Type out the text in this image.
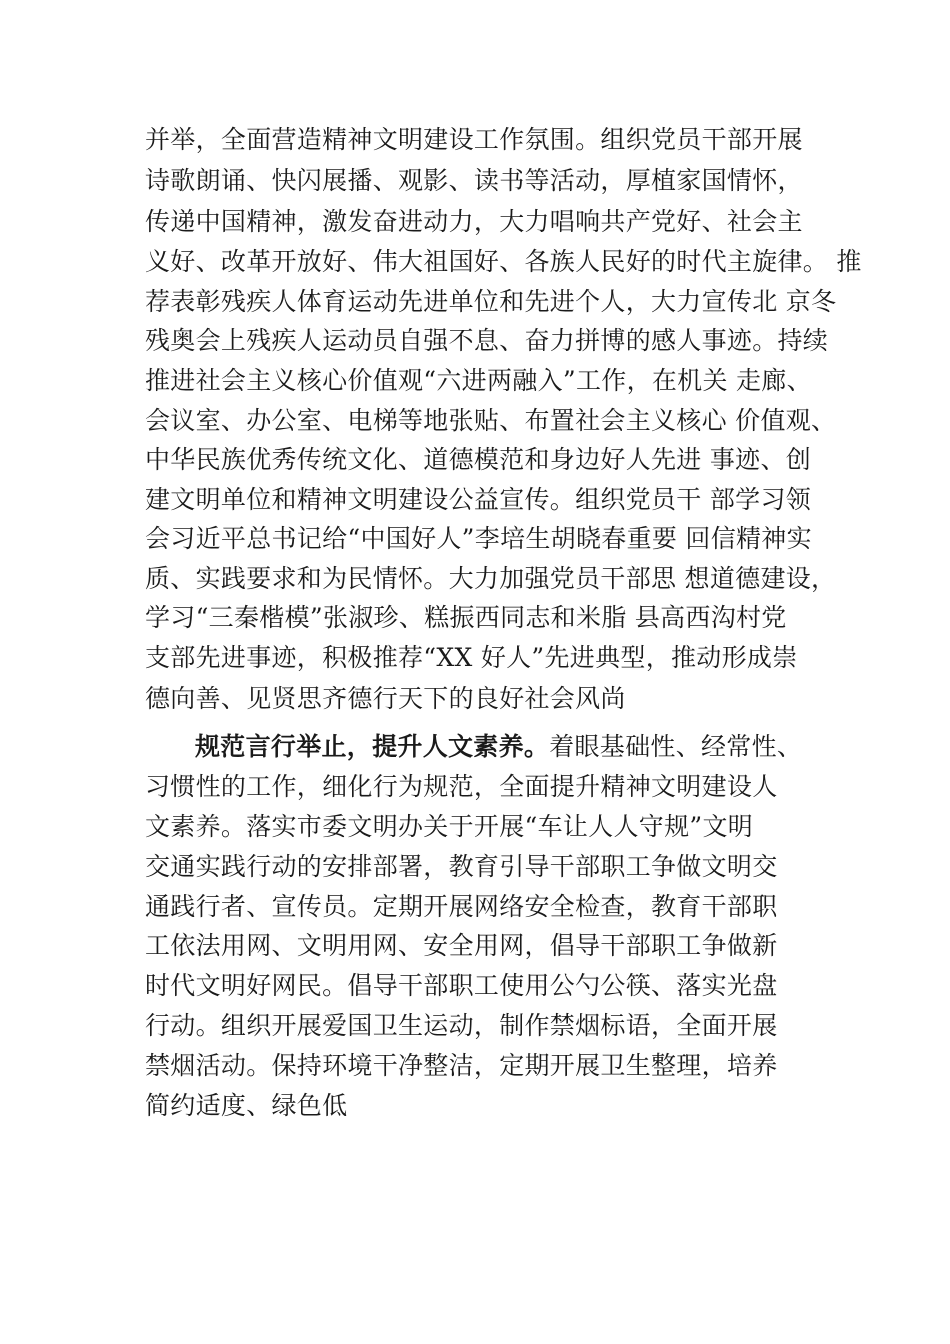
并举，全面营造精神文明建设工作氛围。组织党员干部开展
诗歌朗诵、快闪展播、观影、读书等活动，厚植家国情怀，
传递中国精神，激发奋进动力，大力唱响共产党好、社会主
义好、改革开放好、伟大祖国好、各族人民好的时代主旋律。 推
荐表彰残疾人体育运动先进单位和先进个人，大力宣传北 京冬
残奥会上残疾人运动员自强不息、奋力拼博的感人事迹。持续
推进社会主义核心价值观“六进两融入”工作，在机关 走廊、
会议室、办公室、电梯等地张贴、布置社会主义核心 价值观、
中华民族优秀传统文化、道德模范和身边好人先进 事迹、创
建文明单位和精神文明建设公益宣传。组织党员干 部学习领
会习近平总书记给“中国好人”李培生胡晓春重要 回信精神实
质、实践要求和为民情怀。大力加强党员干部思 想道德建设，
学习“三秦楷模”张淑珍、糕振西同志和米脂 县高西沟村党
支部先进事迹，积极推荐“XX 好人”先进典型，推动形成崇
德向善、见贤思齐德行天下的良好社会风尚
规范言行举止，提升人文素养。着眼基础性、经常性、
习惯性的工作，细化行为规范，全面提升精神文明建设人
文素养。落实市委文明办关于开展“车让人人守规”文明
交通实践行动的安排部署，教育引导干部职工争做文明交
通践行者、宣传员。定期开展网络安全检查，教育干部职
工依法用网、文明用网、安全用网，倡导干部职工争做新
时代文明好网民。倡导干部职工使用公勺公筷、落实光盘
行动。组织开展爱国卫生运动，制作禁烟标语，全面开展
禁烟活动。保持环境干净整洁，定期开展卫生整理，培养
简约适度、绿色低
